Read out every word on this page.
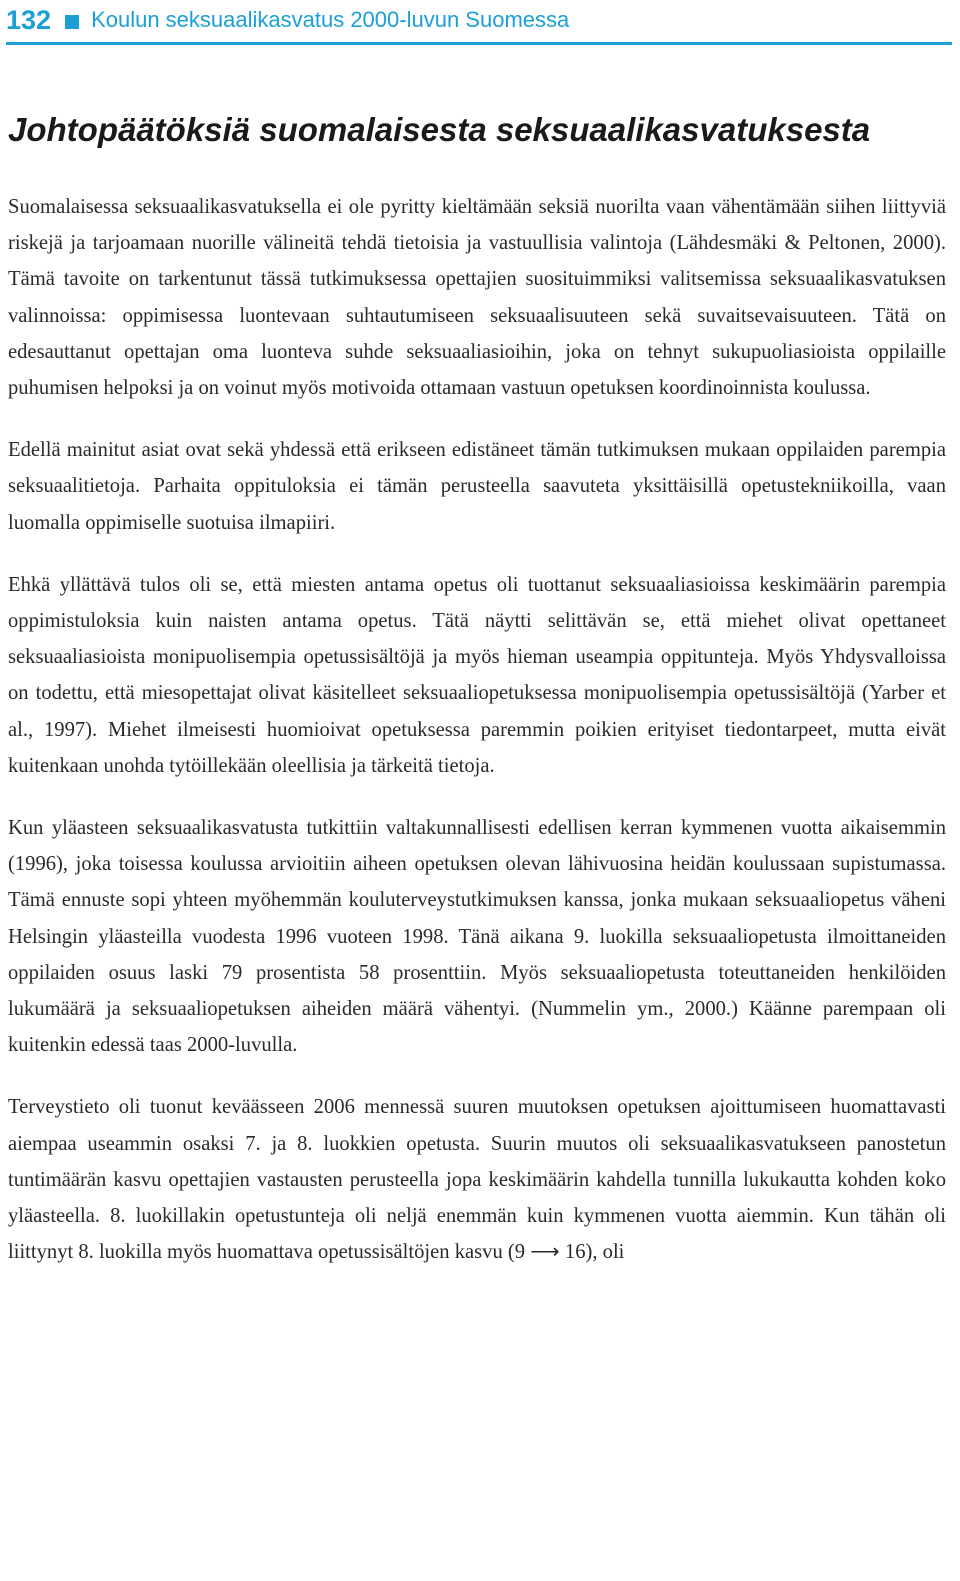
132 Koulun seksuaalikasvatus 2000-luvun Suomessa
Johtopäätöksiä suomalaisesta seksuaalikasvatuksesta

Suomalaisessa seksuaalikasvatuksella ei ole pyritty kieltämään seksiä nuorilta vaan vähentämään siihen liittyviä riskejä ja tarjoamaan nuorille välineitä tehdä tietoisia ja vastuullisia valintoja (Lähdesmäki & Peltonen, 2000). Tämä tavoite on tarkentunut tässä tutkimuksessa opettajien suosituimmiksi valitsemissa seksuaalikasvatuksen valinnoissa: oppimisessa luontevaan suhtautumiseen seksuaalisuuteen sekä suvaitsevaisuuteen. Tätä on edesauttanut opettajan oma luonteva suhde seksuaaliasioihin, joka on tehnyt sukupuoliasioista oppilaille puhumisen helpoksi ja on voinut myös motivoida ottamaan vastuun opetuksen koordinoinnista koulussa.

Edellä mainitut asiat ovat sekä yhdessä että erikseen edistäneet tämän tutkimuksen mukaan oppilaiden parempia seksuaalitietoja. Parhaita oppituloksia ei tämän perusteella saavuteta yksittäisillä opetustekniikoilla, vaan luomalla oppimiselle suotuisa ilmapiiri.

Ehkä yllättävä tulos oli se, että miesten antama opetus oli tuottanut seksuaaliasioissa keskimäärin parempia oppimistuloksia kuin naisten antama opetus. Tätä näytti selittävän se, että miehet olivat opettaneet seksuaaliasioista monipuolisempia opetussisältöjä ja myös hieman useampia oppitunteja. Myös Yhdysvalloissa on todettu, että miesopettajat olivat käsitelleet seksuaaliopetuksessa monipuolisempia opetussisältöjä (Yarber et al., 1997). Miehet ilmeisesti huomioivat opetuksessa paremmin poikien erityiset tiedontarpeet, mutta eivät kuitenkaan unohda tytöillekään oleellisia ja tärkeitä tietoja.

Kun yläasteen seksuaalikasvatusta tutkittiin valtakunnallisesti edellisen kerran kymmenen vuotta aikaisemmin (1996), joka toisessa koulussa arvioitiin aiheen opetuksen olevan lähivuosina heidän koulussaan supistumassa. Tämä ennuste sopi yhteen myöhemmän kouluterveystutkimuksen kanssa, jonka mukaan seksuaaliopetus väheni Helsingin yläasteilla vuodesta 1996 vuoteen 1998. Tänä aikana 9. luokilla seksuaaliopetusta ilmoittaneiden oppilaiden osuus laski 79 prosentista 58 prosenttiin. Myös seksuaaliopetusta toteuttaneiden henkilöiden lukumäärä ja seksuaaliopetuksen aiheiden määrä vähentyi. (Nummelin ym., 2000.) Käänne parempaan oli kuitenkin edessä taas 2000-luvulla.

Terveystieto oli tuonut keväässeen 2006 mennessä suuren muutoksen opetuksen ajoittumiseen huomattavasti aiempaa useammin osaksi 7. ja 8. luokkien opetusta. Suurin muutos oli seksuaalikasvatukseen panostetun tuntimäärän kasvu opettajien vastausten perusteella jopa keskimäärin kahdella tunnilla lukukautta kohden koko yläasteella. 8. luokillakin opetustunteja oli neljä enemmän kuin kymmenen vuotta aiemmin. Kun tähän oli liittynyt 8. luokilla myös huomattava opetussisältöjen kasvu (9 ⟶ 16), oli
